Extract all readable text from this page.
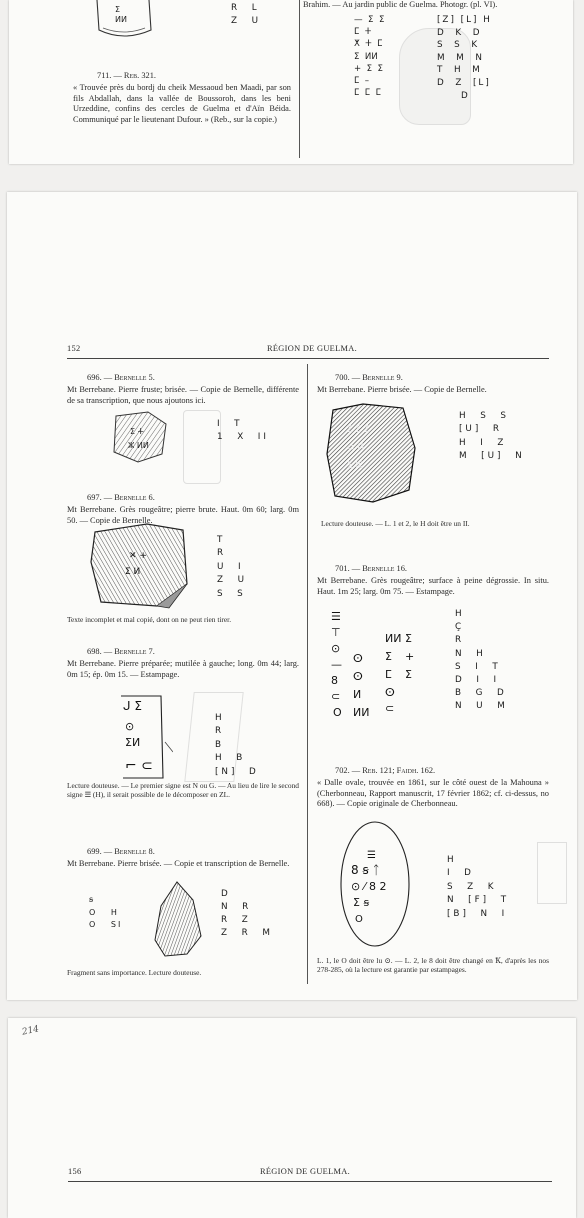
ⵉ
ⵍⵍ
R  L
Z  U
711. — Reb. 321.
« Trouvée près du bordj du cheik Messaoud ben Maadi, par son fils Abdallah, dans la vallée de Boussoroh, dans les beni Urzeddine, confins des cercles de Guelma et d'Aïn Béida. Communiqué par le lieutenant Dufour. » (Reb., sur la copie.)
Brahim. — Au jardin public de Guelma. Photogr. (pl. VI).
—  ⵉ  ⵉ
ⵎ  ⵜ
ⵅ  ⵜ  ⵎ
ⵉ  ⵍⵍ
+  ⵉ  ⵉ
ⵎ  –
ⵎ  ⵎ  ⵎ
[Z] [L] H
D  K  D
S  S  K
M  M  N
T  H  M
D  Z  [L]
D
152	RÉGION DE GUELMA.
696. — Bernelle 5.
Mt Berrebane. Pierre fruste; brisée. — Copie de Bernelle, différente de sa transcription, que nous ajoutons ici.
ⵉ ⵜ
ⵣ ⵍⵍ
I  T
1  X  II
697. — Bernelle 6.
Mt Berrebane. Grès rougeâtre; pierre brute. Haut. 0m 60; larg. 0m 50. — Copie de Bernelle.
✕ +
ⵉ ⵍ
T
R
U  I
Z  U
S  S
Texte incomplet et mal copié, dont on ne peut rien tirer.
698. — Bernelle 7.
Mt Berrebane. Pierre préparée; mutilée à gauche; long. 0m 44; larg. 0m 15; ép. 0m 15. — Estampage.
ᒍ ⵉ
⊙
ⵉⵍ
⌐ ⊂
H
R
B
H  B
[N]  D
Lecture douteuse. — Le premier signe est N ou G. — Au lieu de lire le second signe ☰ (H), il serait possible de le décomposer en ZL.
699. — Bernelle 8.
Mt Berrebane. Pierre brisée. — Copie et transcription de Bernelle.
ꞩ
O   H
O   SI
D
N  R
R  Z
Z  R  M
Fragment sans importance. Lecture douteuse.
700. — Bernelle 9.
Mt Berrebane. Pierre brisée. — Copie de Bernelle.
ⵉ ⵉ ⵉ
⊂ ⵍ
ⵉ ⵣ
H  S  S
[U]  R
H  I  Z
M  [U]  N
Lecture douteuse. — L. 1 et 2, le H doit être un II.
701. — Bernelle 16.
Mt Berrebane. Grès rougeâtre; surface à peine dégrossie. In situ. Haut. 1m 25; larg. 0m 75. — Estampage.
☰
⊤
⊙
—
8
⊂
O
ⵙ
ⵙ
ⵍ
ⵍⵍ
ⵍⵍ
ⵉ
ⵎ
ⵙ
⊂
ⵉ
+
ⵉ
H
Ç
R
N  H
S  I  T
D  I  I
B  G  D
N  U  M
702. — Reb. 121; Faidh. 162.
« Dalle ovale, trouvée en 1861, sur le côté ouest de la Mahouna » (Cherbonneau, Rapport manuscrit, 17 février 1862; cf. ci-dessus, no 668). — Copie originale de Cherbonneau.
☰
8 ꞩ ᛏ
⊙ ⁄ 8 2
ⵉ ꞩ
O
H
I  D
S  Z  K
N  [F]  T
[B]  N  I
L. 1, le O doit être lu ⊙. — L. 2, le 8 doit être changé en Ꝁ, d'après les nos 278-285, où la lecture est garantie par estampages.
214
156	RÉGION DE GUELMA.
